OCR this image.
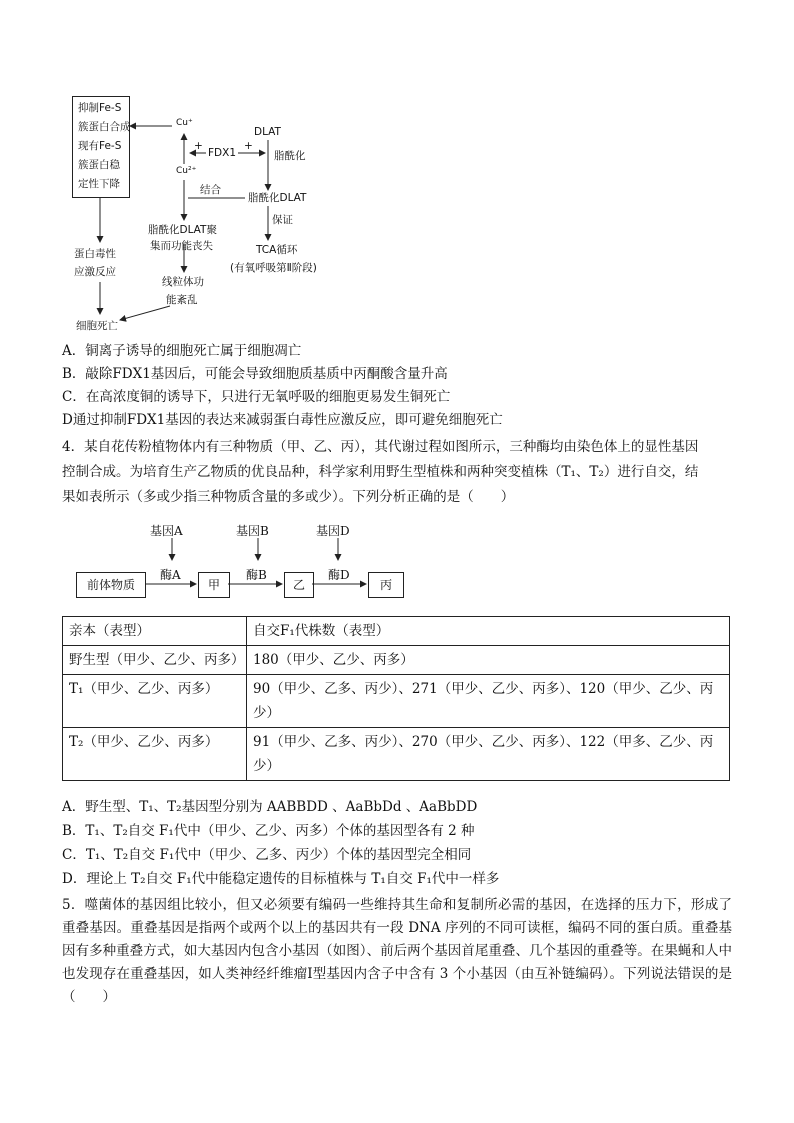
抑制Fe-S
簇蛋白合成
现有Fe-S
簇蛋白稳
定性下降
Cu⁺
Cu²⁺
FDX1
+	+
DLAT
脂酰化
结合
脂酰化DLAT
保证
脂酰化DLAT聚
集而功能丧失	TCA循环
(有氧呼吸第Ⅱ阶段)
蛋白毒性
应激反应
线粒体功
能紊乱
细胞死亡
A．铜离子诱导的细胞死亡属于细胞凋亡
B．敲除FDX1基因后，可能会导致细胞质基质中丙酮酸含量升高
C．在高浓度铜的诱导下，只进行无氧呼吸的细胞更易发生铜死亡
D通过抑制FDX1基因的表达来减弱蛋白毒性应激反应，即可避免细胞死亡
4．某自花传粉植物体内有三种物质（甲、乙、丙），其代谢过程如图所示，三种酶均由染色体上的显性基因
控制合成。为培育生产乙物质的优良品种，科学家利用野生型植株和两种突变植株（T₁、T₂）进行自交，结
果如表所示（多或少指三种物质含量的多或少）。下列分析正确的是（　　）
基因A	基因B	基因D
酶A	酶B	酶D
前体物质	甲	乙	丙
亲本（表型）	自交F₁代株数（表型）
野生型（甲少、乙少、丙多）	180（甲少、乙少、丙多）
T₁（甲少、乙少、丙多）	90（甲少、乙多、丙少）、271（甲少、乙少、丙多）、120（甲少、乙少、丙少）
T₂（甲少、乙少、丙多）	91（甲少、乙多、丙少）、270（甲少、乙少、丙多）、122（甲多、乙少、丙少）
A．野生型、T₁、T₂基因型分别为 AABBDD 、AaBbDd 、AaBbDD
B．T₁、T₂自交 F₁代中（甲少、乙少、丙多）个体的基因型各有 2 种
C．T₁、T₂自交 F₁代中（甲少、乙多、丙少）个体的基因型完全相同
D．理论上 T₂自交 F₁代中能稳定遗传的目标植株与 T₁自交 F₁代中一样多
5．噬菌体的基因组比较小，但又必须要有编码一些维持其生命和复制所必需的基因，在选择的压力下，形成了重叠基因。重叠基因是指两个或两个以上的基因共有一段 DNA 序列的不同可读框，编码不同的蛋白质。重叠基因有多种重叠方式，如大基因内包含小基因（如图）、前后两个基因首尾重叠、几个基因的重叠等。在果蝇和人中也发现存在重叠基因，如人类神经纤维瘤Ⅰ型基因内含子中含有 3 个小基因（由互补链编码）。下列说法错误的是（　　）
